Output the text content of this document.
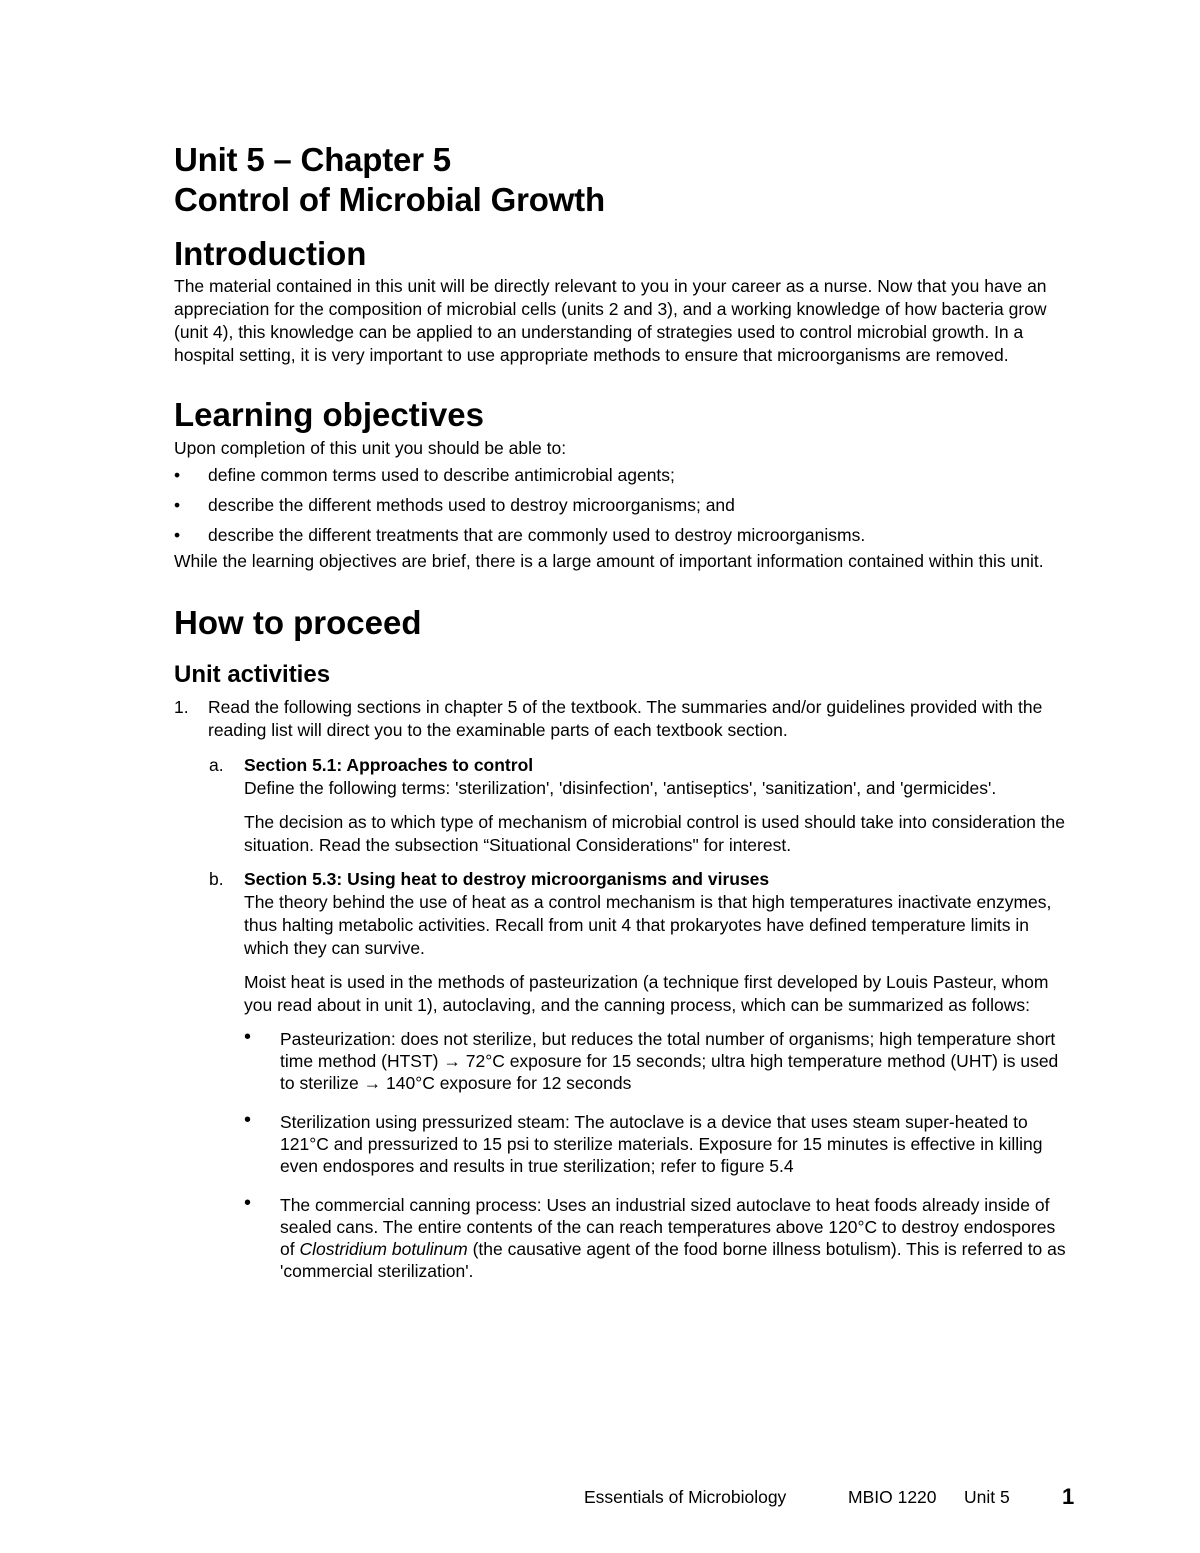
Unit 5 – Chapter 5
Control of Microbial Growth
Introduction

The material contained in this unit will be directly relevant to you in your career as a nurse. Now that you have an appreciation for the composition of microbial cells (units 2 and 3), and a working knowledge of how bacteria grow (unit 4), this knowledge can be applied to an understanding of strategies used to control microbial growth. In a hospital setting, it is very important to use appropriate methods to ensure that microorganisms are removed.

Learning objectives

Upon completion of this unit you should be able to:

• define common terms used to describe antimicrobial agents;
• describe the different methods used to destroy microorganisms; and
• describe the different treatments that are commonly used to destroy microorganisms.

While the learning objectives are brief, there is a large amount of important information contained within this unit.

How to proceed
Unit activities
1. Read the following sections in chapter 5 of the textbook. The summaries and/or guidelines provided with the reading list will direct you to the examinable parts of each textbook section.

a. Section 5.1: Approaches to control

Define the following terms: 'sterilization', 'disinfection', 'antiseptics', 'sanitization', and 'germicides'.

The decision as to which type of mechanism of microbial control is used should take into consideration the situation. Read the subsection “Situational Considerations" for interest.

b. Section 5.3: Using heat to destroy microorganisms and viruses

The theory behind the use of heat as a control mechanism is that high temperatures inactivate enzymes, thus halting metabolic activities. Recall from unit 4 that prokaryotes have defined temperature limits in which they can survive.

Moist heat is used in the methods of pasteurization (a technique first developed by Louis Pasteur, whom you read about in unit 1), autoclaving, and the canning process, which can be summarized as follows:

• Pasteurization: does not sterilize, but reduces the total number of organisms; high temperature short time method (HTST) → 72°C exposure for 15 seconds; ultra high temperature method (UHT) is used to sterilize → 140°C exposure for 12 seconds
• Sterilization using pressurized steam: The autoclave is a device that uses steam super-heated to 121°C and pressurized to 15 psi to sterilize materials. Exposure for 15 minutes is effective in killing even endospores and results in true sterilization; refer to figure 5.4
• The commercial canning process: Uses an industrial sized autoclave to heat foods already inside of sealed cans. The entire contents of the can reach temperatures above 120°C to destroy endospores of Clostridium botulinum (the causative agent of the food borne illness botulism). This is referred to as 'commercial sterilization'.
Essentials of Microbiology	MBIO 1220 Unit 5 1
